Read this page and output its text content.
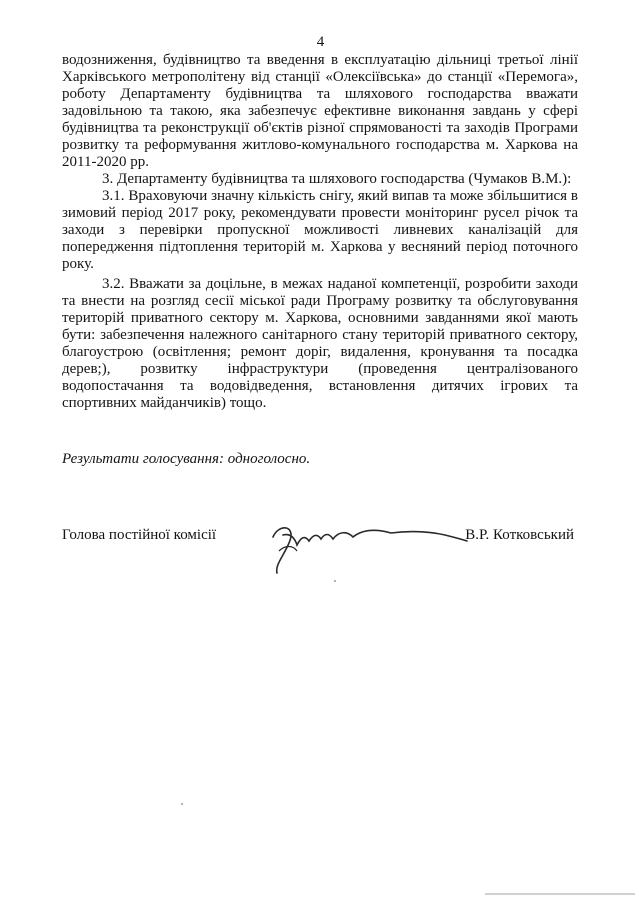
4

водозниження, будівництво та введення в експлуатацію дільниці третьої лінії Харківського метрополітену від станції «Олексіївська» до станції «Перемога», роботу Департаменту будівництва та шляхового господарства вважати задовільною та такою, яка забезпечує ефективне виконання завдань у сфері будівництва та реконструкції об'єктів різної спрямованості та заходів Програми розвитку та реформування житлово-комунального господарства м. Харкова на 2011-2020 рр.

3. Департаменту будівництва та шляхового господарства (Чумаков В.М.):

3.1. Враховуючи значну кількість снігу, який випав та може збільшитися в зимовий період 2017 року, рекомендувати провести моніторинг русел річок та заходи з перевірки пропускної можливості ливневих каналізацій для попередження підтоплення територій м. Харкова у весняний період поточного року.

3.2. Вважати за доцільне, в межах наданої компетенції, розробити заходи та внести на розгляд сесії міської ради Програму розвитку та обслуговування територій приватного сектору м. Харкова, основними завданнями якої мають бути: забезпечення належного санітарного стану територій приватного сектору, благоустрою (освітлення; ремонт доріг, видалення, кронування та посадка дерев;), розвитку інфраструктури (проведення централізованого водопостачання та водовідведення, встановлення дитячих ігрових та спортивних майданчиків) тощо.

Результати голосування: одноголосно.
Голова постійної комісії	В.Р. Котковський
